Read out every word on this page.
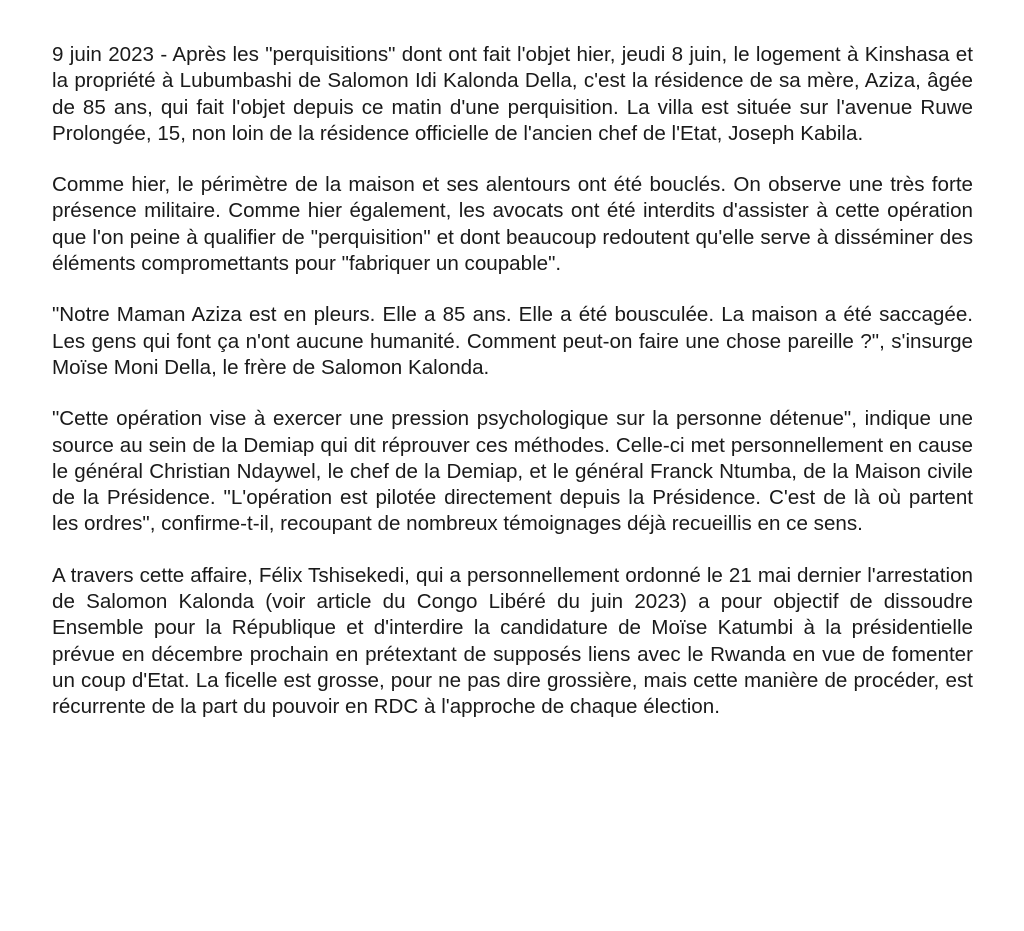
9 juin 2023 - Après les "perquisitions" dont ont fait l'objet hier, jeudi 8 juin, le logement à Kinshasa et la propriété à Lubumbashi de Salomon Idi Kalonda Della, c'est la résidence de sa mère, Aziza, âgée de 85 ans, qui fait l'objet depuis ce matin d'une perquisition. La villa est située sur l'avenue Ruwe Prolongée, 15, non loin de la résidence officielle de l'ancien chef de l'Etat, Joseph Kabila.

Comme hier, le périmètre de la maison et ses alentours ont été bouclés. On observe une très forte présence militaire. Comme hier également, les avocats ont été interdits d'assister à cette opération que l'on peine à qualifier de "perquisition" et dont beaucoup redoutent qu'elle serve à disséminer des éléments compromettants pour "fabriquer un coupable".

"Notre Maman Aziza est en pleurs. Elle a 85 ans. Elle a été bousculée. La maison a été saccagée. Les gens qui font ça n'ont aucune humanité. Comment peut-on faire une chose pareille ?", s'insurge Moïse Moni Della, le frère de Salomon Kalonda.

"Cette opération vise à exercer une pression psychologique sur la personne détenue", indique une source au sein de la Demiap qui dit réprouver ces méthodes. Celle-ci met personnellement en cause le général Christian Ndaywel, le chef de la Demiap, et le général Franck Ntumba, de la Maison civile de la Présidence. "L'opération est pilotée directement depuis la Présidence. C'est de là où partent les ordres", confirme-t-il, recoupant de nombreux témoignages déjà recueillis en ce sens.

A travers cette affaire, Félix Tshisekedi, qui a personnellement ordonné le 21 mai dernier l'arrestation de Salomon Kalonda (voir article du Congo Libéré du juin 2023) a pour objectif de dissoudre Ensemble pour la République et d'interdire la candidature de Moïse Katumbi à la présidentielle prévue en décembre prochain en prétextant de supposés liens avec le Rwanda en vue de fomenter un coup d'Etat. La ficelle est grosse, pour ne pas dire grossière, mais cette manière de procéder, est récurrente de la part du pouvoir en RDC à l'approche de chaque élection.
